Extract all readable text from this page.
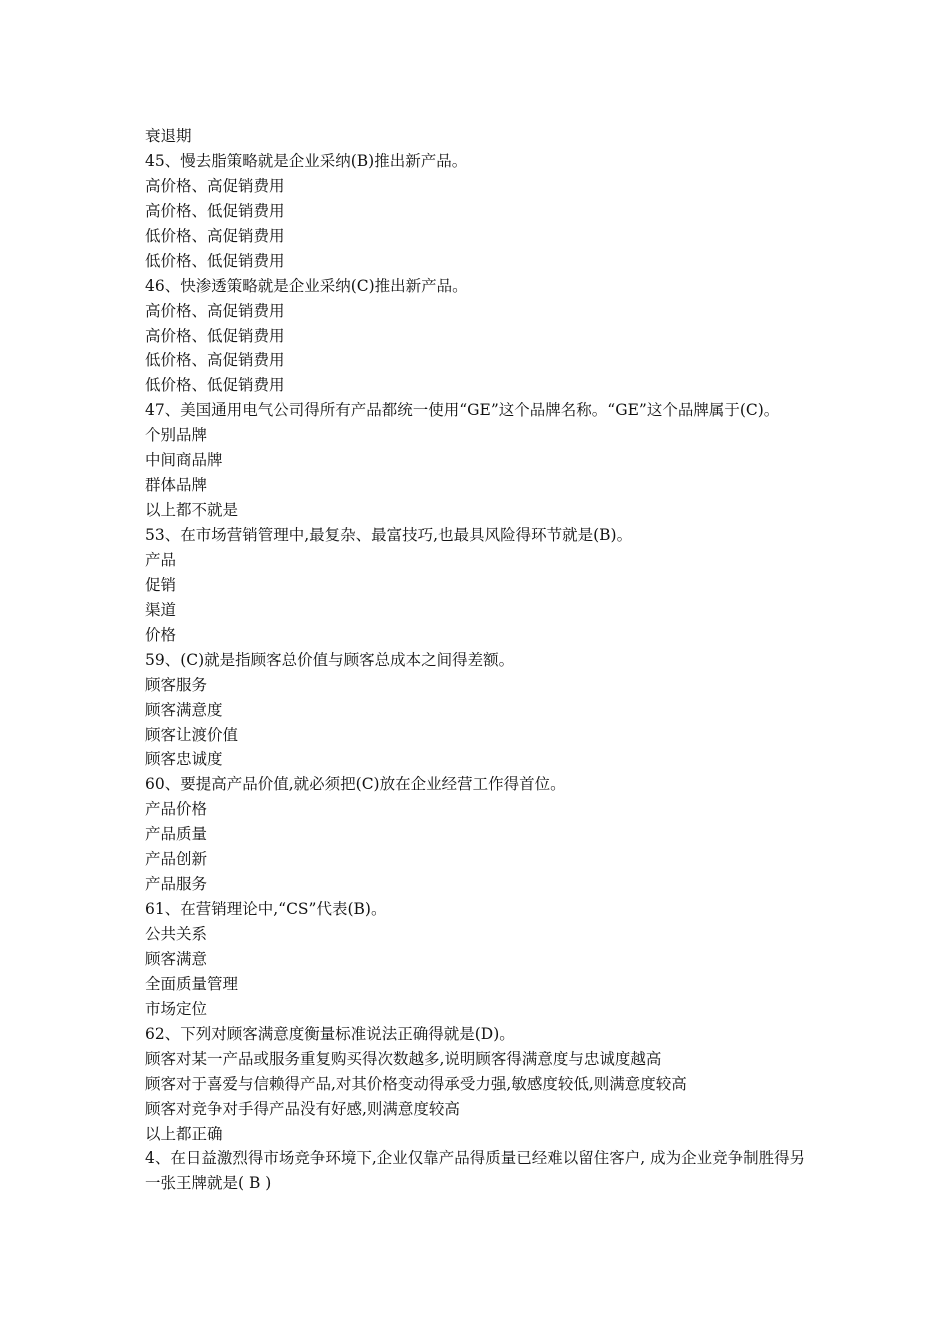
衰退期
45、慢去脂策略就是企业采纳(B)推出新产品。
高价格、高促销费用
高价格、低促销费用
低价格、高促销费用
低价格、低促销费用
46、快渗透策略就是企业采纳(C)推出新产品。
高价格、高促销费用
高价格、低促销费用
低价格、高促销费用
低价格、低促销费用
47、美国通用电气公司得所有产品都统一使用“GE”这个品牌名称。“GE”这个品牌属于(C)。
个别品牌
中间商品牌
群体品牌
以上都不就是
53、在市场营销管理中,最复杂、最富技巧,也最具风险得环节就是(B)。
产品
促销
渠道
价格
59、(C)就是指顾客总价值与顾客总成本之间得差额。
顾客服务
顾客满意度
顾客让渡价值
顾客忠诚度
60、要提高产品价值,就必须把(C)放在企业经营工作得首位。
产品价格
产品质量
产品创新
产品服务
61、在营销理论中,“CS”代表(B)。
公共关系
顾客满意
全面质量管理
市场定位
62、下列对顾客满意度衡量标准说法正确得就是(D)。
顾客对某一产品或服务重复购买得次数越多,说明顾客得满意度与忠诚度越高
顾客对于喜爱与信赖得产品,对其价格变动得承受力强,敏感度较低,则满意度较高
顾客对竞争对手得产品没有好感,则满意度较高
以上都正确
4、在日益激烈得市场竞争环境下,企业仅靠产品得质量已经难以留住客户, 成为企业竞争制胜得另一张王牌就是( B )
